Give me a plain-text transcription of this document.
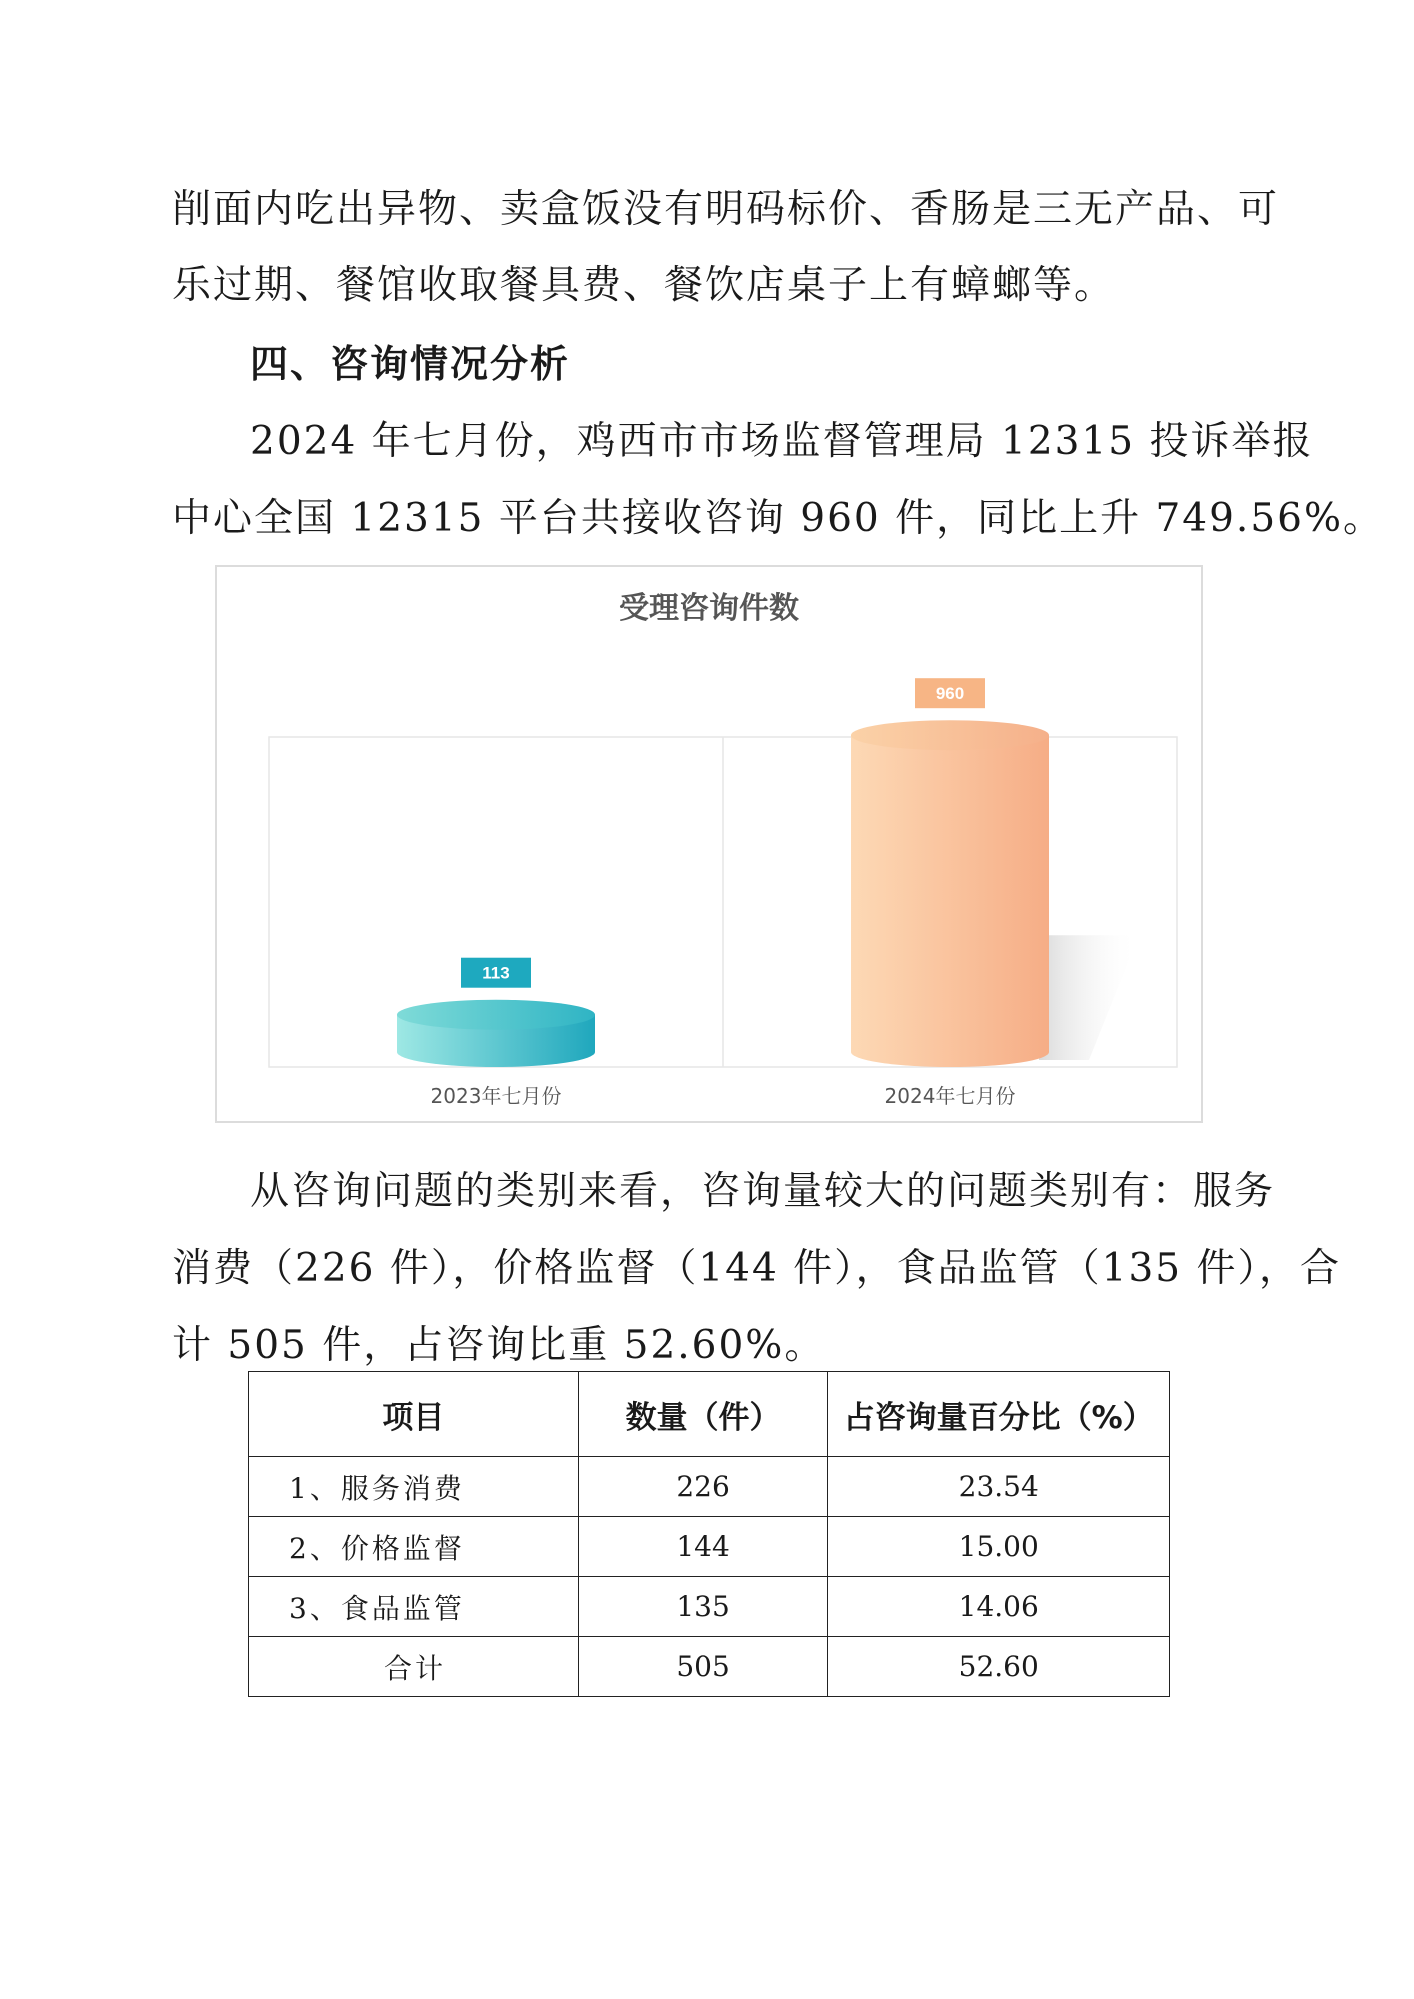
削面内吃出异物、卖盒饭没有明码标价、香肠是三无产品、可
乐过期、餐馆收取餐具费、餐饮店桌子上有蟑螂等。
四、咨询情况分析
2024 年七月份，鸡西市市场监督管理局 12315 投诉举报
中心全国 12315 平台共接收咨询 960 件，同比上升 749.56%。
受理咨询件数
113
2023年七月份
960
2024年七月份
从咨询问题的类别来看，咨询量较大的问题类别有：服务
消费（226 件），价格监督（144 件），食品监管（135 件），合
计 505 件，占咨询比重 52.60%。
项目	数量（件）	占咨询量百分比（%）
1、服务消费	226	23.54
2、价格监督	144	15.00
3、食品监管	135	14.06
合计	505	52.60
